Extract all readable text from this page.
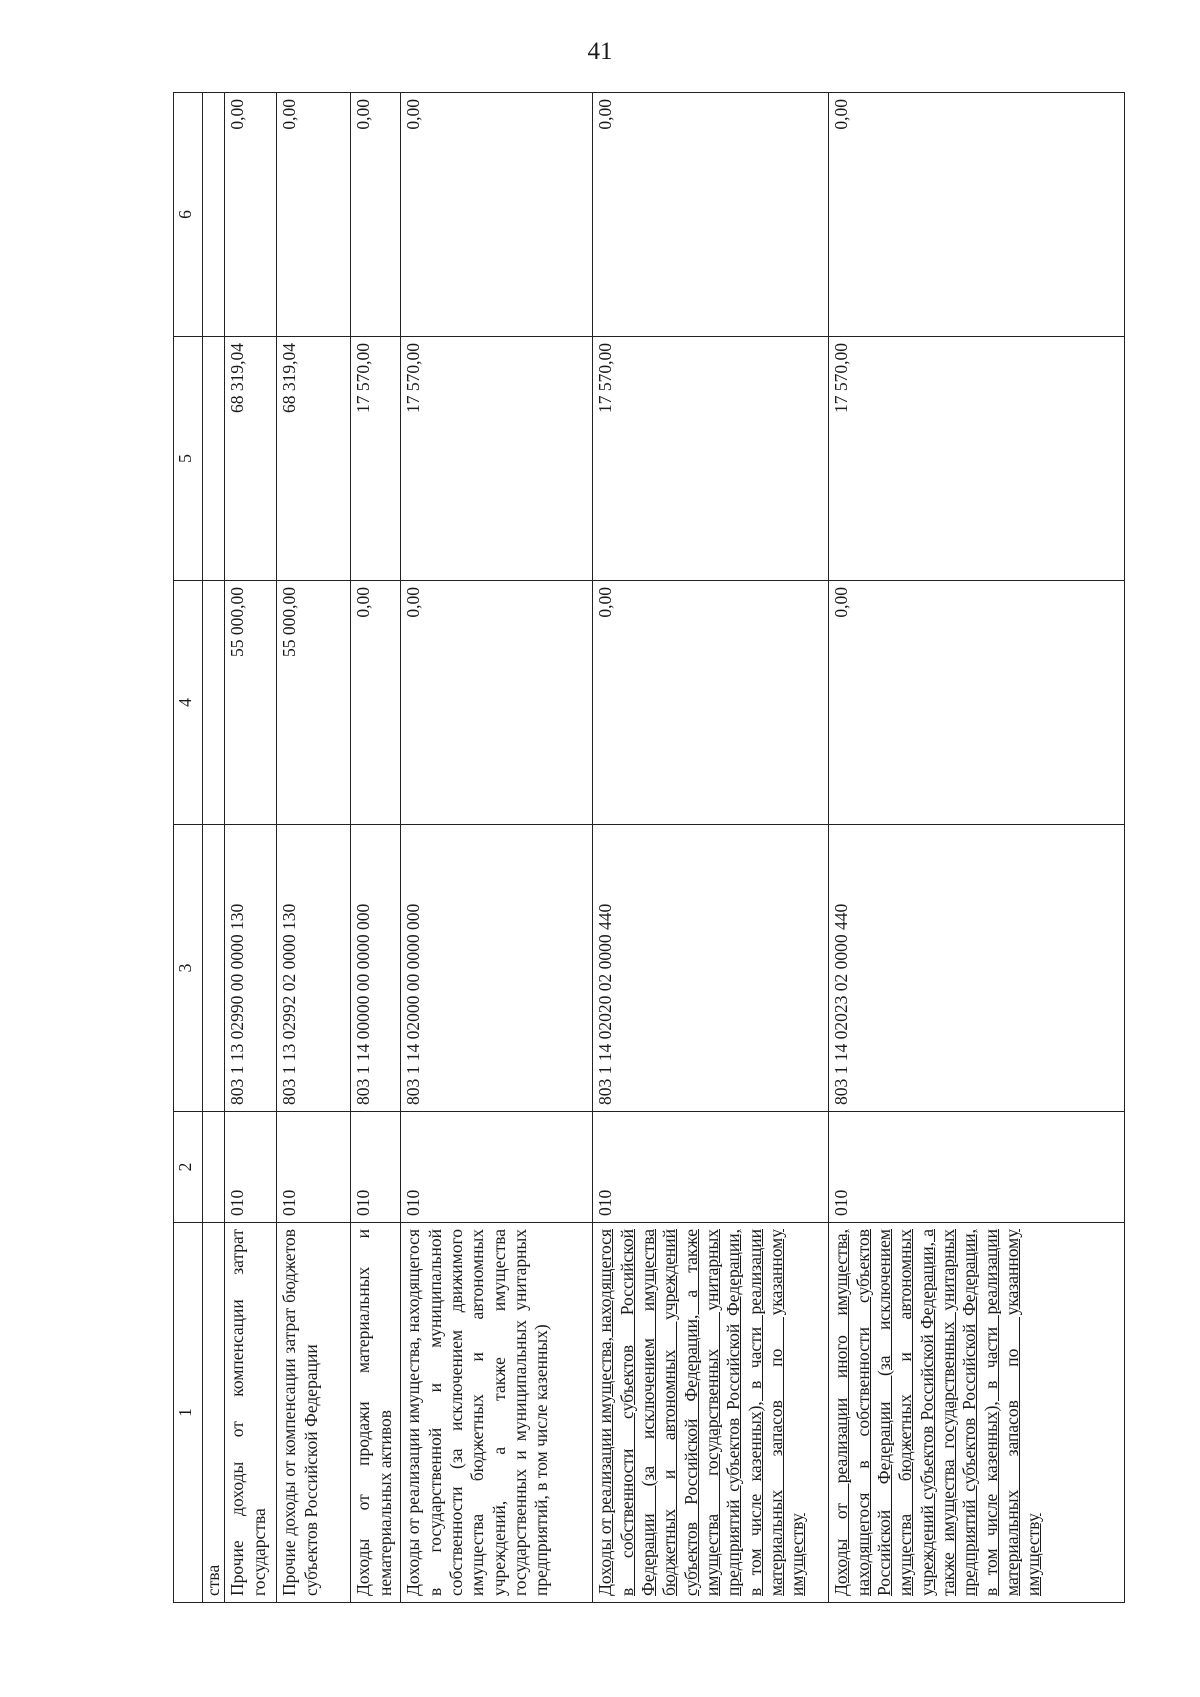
41
1	2	3	4	5	6
ства					
Прочие доходы от компенсации затрат государства	010	803 1 13 02990 00 0000 130	55 000,00	68 319,04	0,00
Прочие доходы от компенсации затрат бюджетов субъектов Российской Федерации	010	803 1 13 02992 02 0000 130	55 000,00	68 319,04	0,00
Доходы от продажи материальных и нематериальных активов	010	803 1 14 00000 00 0000 000	0,00	17 570,00	0,00
Доходы от реализации имущества, находящегося в государственной и муниципальной собственности (за исключением движимого имущества бюджетных и автономных учреждений, а также имущества государственных и муниципальных унитарных предприятий, в том числе казенных)	010	803 1 14 02000 00 0000 000	0,00	17 570,00	0,00
Доходы от реализации имущества, находящегося в собственности субъектов Российской Федерации (за исключением имущества бюджетных и автономных учреждений субъектов Российской Федерации, а также имущества государственных унитарных предприятий субъектов Российской Федерации, в том числе казенных), в части реализации материальных запасов по указанному имуществу	010	803 1 14 02020 02 0000 440	0,00	17 570,00	0,00
Доходы от реализации иного имущества, находящегося в собственности субъектов Российской Федерации (за исключением имущества бюджетных и автономных учреждений субъектов Российской Федерации, а также имущества государственных унитарных предприятий субъектов Российской Федерации, в том числе казенных), в части реализации материальных запасов по указанному имуществу	010	803 1 14 02023 02 0000 440	0,00	17 570,00	0,00
